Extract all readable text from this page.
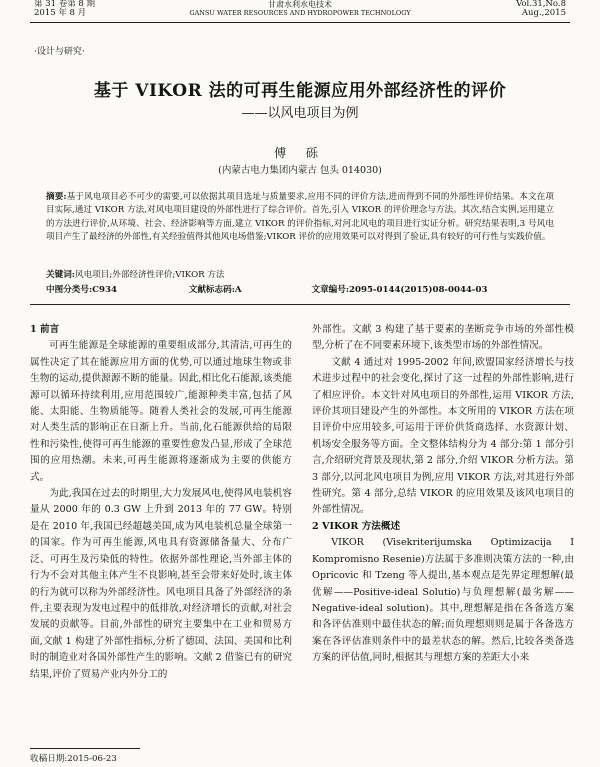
第 31 卷第 8 期
2015 年 8 月
甘肃水利水电技术
GANSU WATER RESOURCES AND HYDROPOWER TECHNOLOGY
Vol.31,No.8
Aug.,2015
·设计与研究·
基于 VIKOR 法的可再生能源应用外部经济性的评价
——以风电项目为例
傅 砾
(内蒙古电力集团内蒙古 包头 014030)
摘要:基于风电项目必不可少的需要,可以依据其项目选址与质量要求,应用不同的评价方法,进而得到不同的外部性评价结果。本文在项目实际,通过 VIKOR 方法,对风电项目建设的外部性进行了综合评价。首先,引入 VIKOR 的评价理念与方法。其次,结合实例,运用建立的方法进行评价,从环境、社会、经济影响等方面,建立 VIKOR 的评价指标,对河北风电的项目进行实证分析。研究结果表明,3 号风电项目产生了最经济的外部性,有关经验值得其他风电场借鉴;VIKOR 评价的应用效果可以对得到了验证,具有较好的可行性与实践价值。
关键词:风电项目;外部经济性评价;VIKOR 方法
中图分类号:C934	文献标志码:A	文章编号:2095-0144(2015)08-0044-03

1 前言

可再生能源是全球能源的重要组成部分,其清洁,可再生的属性决定了其在能源应用方面的优势,可以通过地球生物或非生物的运动,提供源源不断的能量。因此,相比化石能源,该类能源可以循环持续利用,应用范围较广,能源种类丰富,包括了风能、太阳能、生物质能等。随着人类社会的发展,可再生能源对人类生活的影响正在日渐上升。当前,化石能源供给的局限性和污染性,使得可再生能源的重要性愈发凸显,形成了全球范围的应用热潮。未来,可再生能源将逐渐成为主要的供能方式。

为此,我国在过去的时期里,大力发展风电,使得风电装机容量从 2000 年的 0.3 GW 上升到 2013 年的 77 GW。特别是在 2010 年,我国已经超越美国,成为风电装机总量全球第一的国家。作为可再生能源,风电具有资源储备量大、分布广泛、可再生及污染低的特性。依据外部性理论,当外部主体的行为不会对其他主体产生不良影响,甚至会带来好处时,该主体的行为就可以称为外部经济性。风电项目具备了外部经济的条件,主要表现为发电过程中的低排放,对经济增长的贡献,对社会发展的贡献等。目前,外部性的研究主要集中在工业和贸易方面,文献 1 构建了外部性指标,分析了德国、法国、美国和比利时的制造业对各国外部性产生的影响。文献 2 借鉴已有的研究结果,评价了贸易产业内外分工的

外部性。文献 3 构建了基于要素的垄断竞争市场的外部性模型,分析了在不同要素环境下,该类型市场的外部性情况。

文献 4 通过对 1995-2002 年间,欧盟国家经济增长与技术进步过程中的社会变化,探讨了这一过程的外部性影响,进行了相应评价。本文针对风电项目的外部性,运用 VIKOR 方法,评价其项目建设产生的外部性。本文所用的 VIKOR 方法在项目评价中应用较多,可运用于评价供货商选择、水资源计划、机场安全服务等方面。全文整体结构分为 4 部分:第 1 部分引言,介绍研究背景及现状,第 2 部分,介绍 VIKOR 分析方法。第 3 部分,以河北风电项目为例,应用 VIKOR 方法,对其进行外部性研究。第 4 部分,总结 VIKOR 的应用效果及该风电项目的外部性情况。

2 VIKOR 方法概述

VIKOR (Visekriterijumska Optimizacija I Kompromisno Resenie)方法属于多准则决策方法的一种,由 Opricovic 和 Tzeng 等人提出,基本观点是先界定理想解(最优解——Positive-ideal Solutio)与负理想解(最劣解——Negative-ideal solution)。其中,理想解是指在各备选方案和各评估准则中最佳状态的解;而负理想则则是属于各备选方案在各评估准则条件中的最差状态的解。然后,比较各类备选方案的评估值,同时,根据其与理想方案的差距大小来

收稿日期:2015-06-23
